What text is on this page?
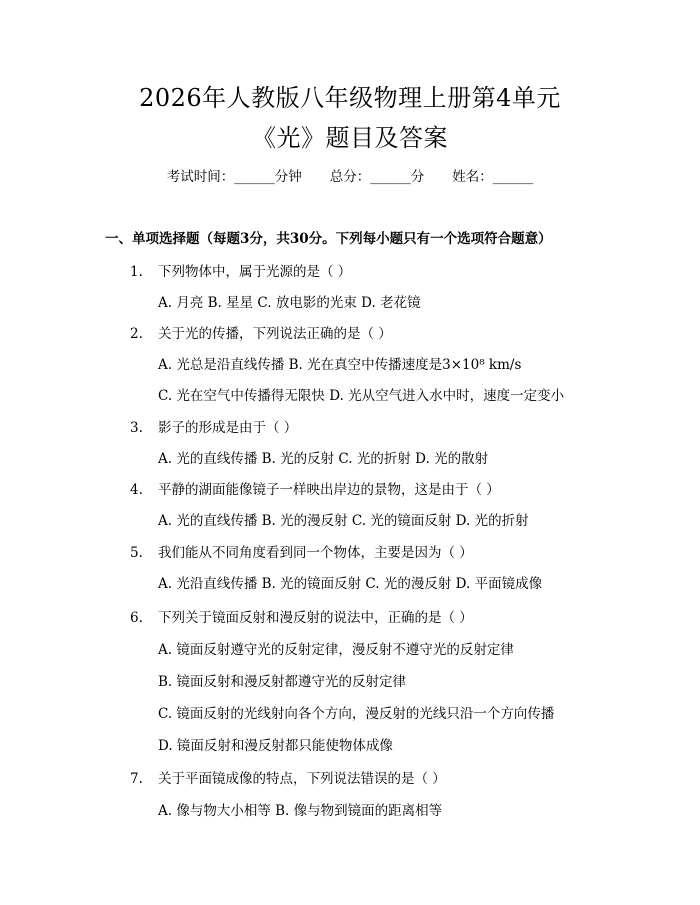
2026年人教版八年级物理上册第4单元
《光》题目及答案
考试时间：______分钟 总分：______分 姓名：______
一、单项选择题（每题3分，共30分。下列每小题只有一个选项符合题意）
1. 下列物体中，属于光源的是（ ）
A. 月亮 B. 星星 C. 放电影的光束 D. 老花镜
2. 关于光的传播，下列说法正确的是（ ）
A. 光总是沿直线传播 B. 光在真空中传播速度是3×10⁸ km/s
C. 光在空气中传播得无限快 D. 光从空气进入水中时，速度一定变小
3. 影子的形成是由于（ ）
A. 光的直线传播 B. 光的反射 C. 光的折射 D. 光的散射
4. 平静的湖面能像镜子一样映出岸边的景物，这是由于（ ）
A. 光的直线传播 B. 光的漫反射 C. 光的镜面反射 D. 光的折射
5. 我们能从不同角度看到同一个物体，主要是因为（ ）
A. 光沿直线传播 B. 光的镜面反射 C. 光的漫反射 D. 平面镜成像
6. 下列关于镜面反射和漫反射的说法中，正确的是（ ）
A. 镜面反射遵守光的反射定律，漫反射不遵守光的反射定律
B. 镜面反射和漫反射都遵守光的反射定律
C. 镜面反射的光线射向各个方向，漫反射的光线只沿一个方向传播
D. 镜面反射和漫反射都只能使物体成像
7. 关于平面镜成像的特点，下列说法错误的是（ ）
A. 像与物大小相等 B. 像与物到镜面的距离相等
